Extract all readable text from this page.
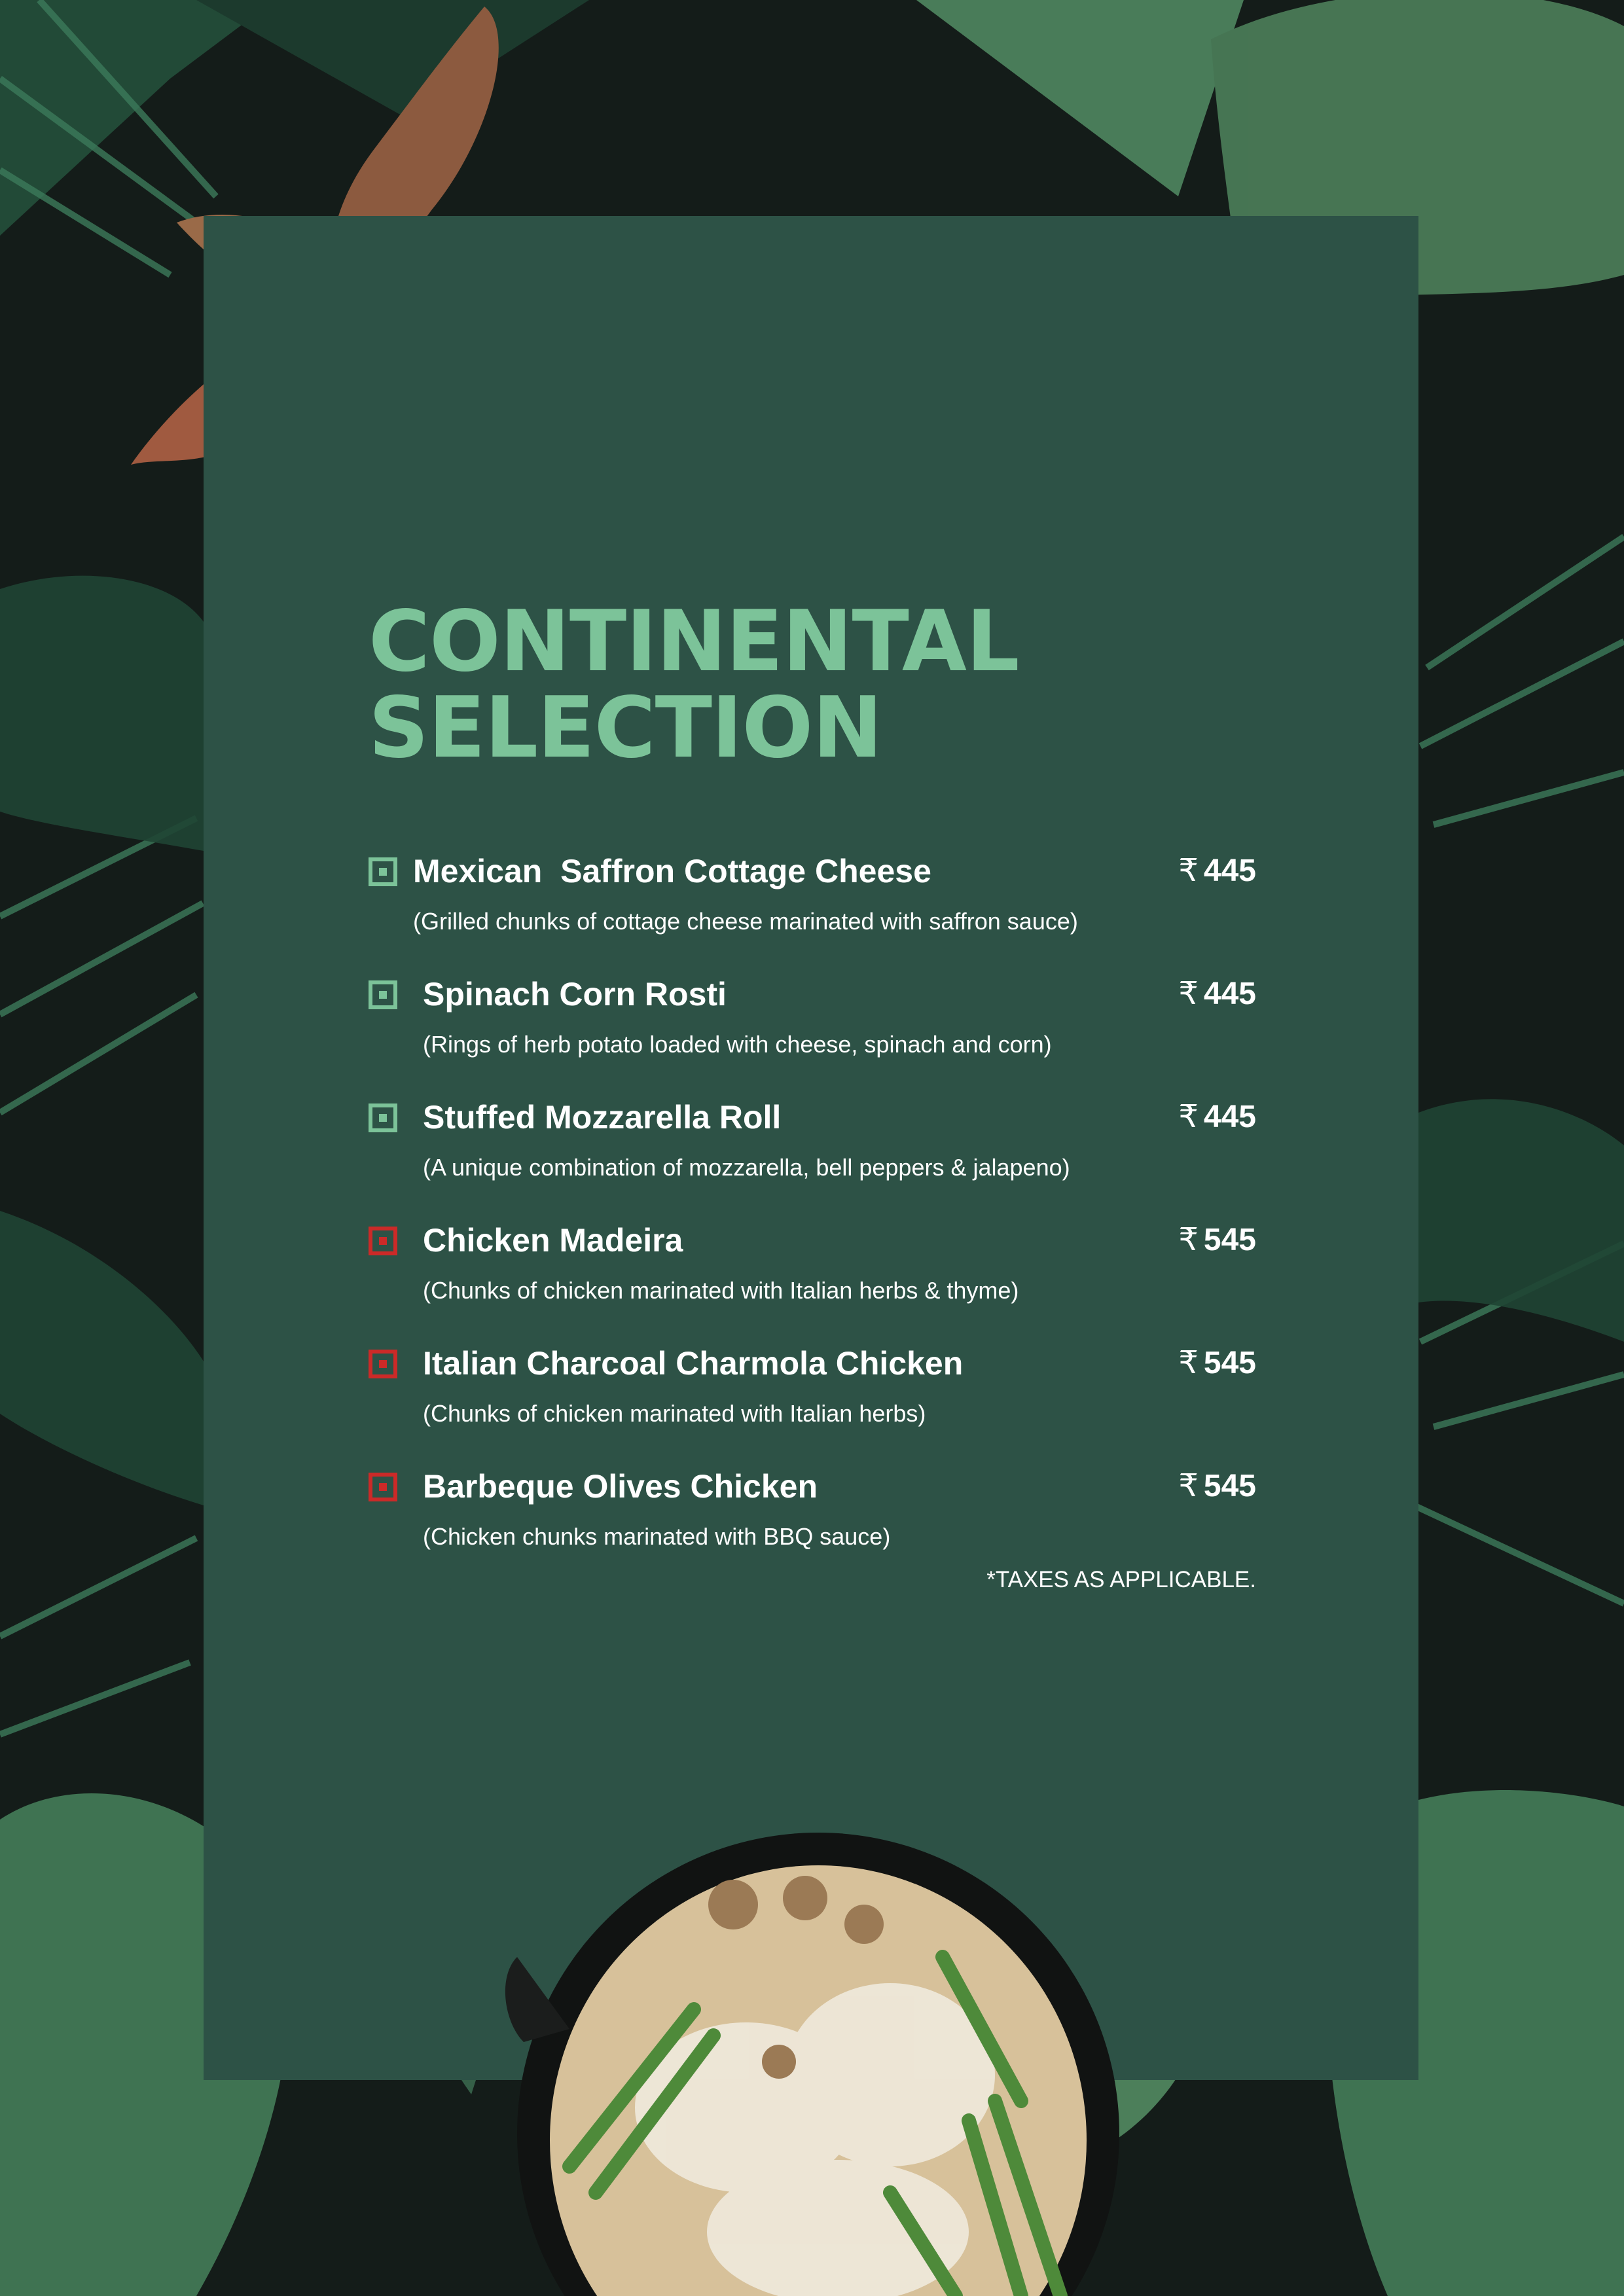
CONTINENTAL
SELECTION
Mexican  Saffron Cottage Cheese	₹ 445
(Grilled chunks of cottage cheese marinated with saffron sauce)
Spinach Corn Rosti	₹ 445
(Rings of herb potato loaded with cheese, spinach and corn)
Stuffed Mozzarella Roll	₹ 445
(A unique combination of mozzarella, bell peppers & jalapeno)
Chicken Madeira	₹ 545
(Chunks of chicken marinated with Italian herbs & thyme)
Italian Charcoal Charmola Chicken	₹ 545
(Chunks of chicken marinated with Italian herbs)
Barbeque Olives Chicken	₹ 545
(Chicken chunks marinated with BBQ sauce)
*TAXES AS APPLICABLE.
